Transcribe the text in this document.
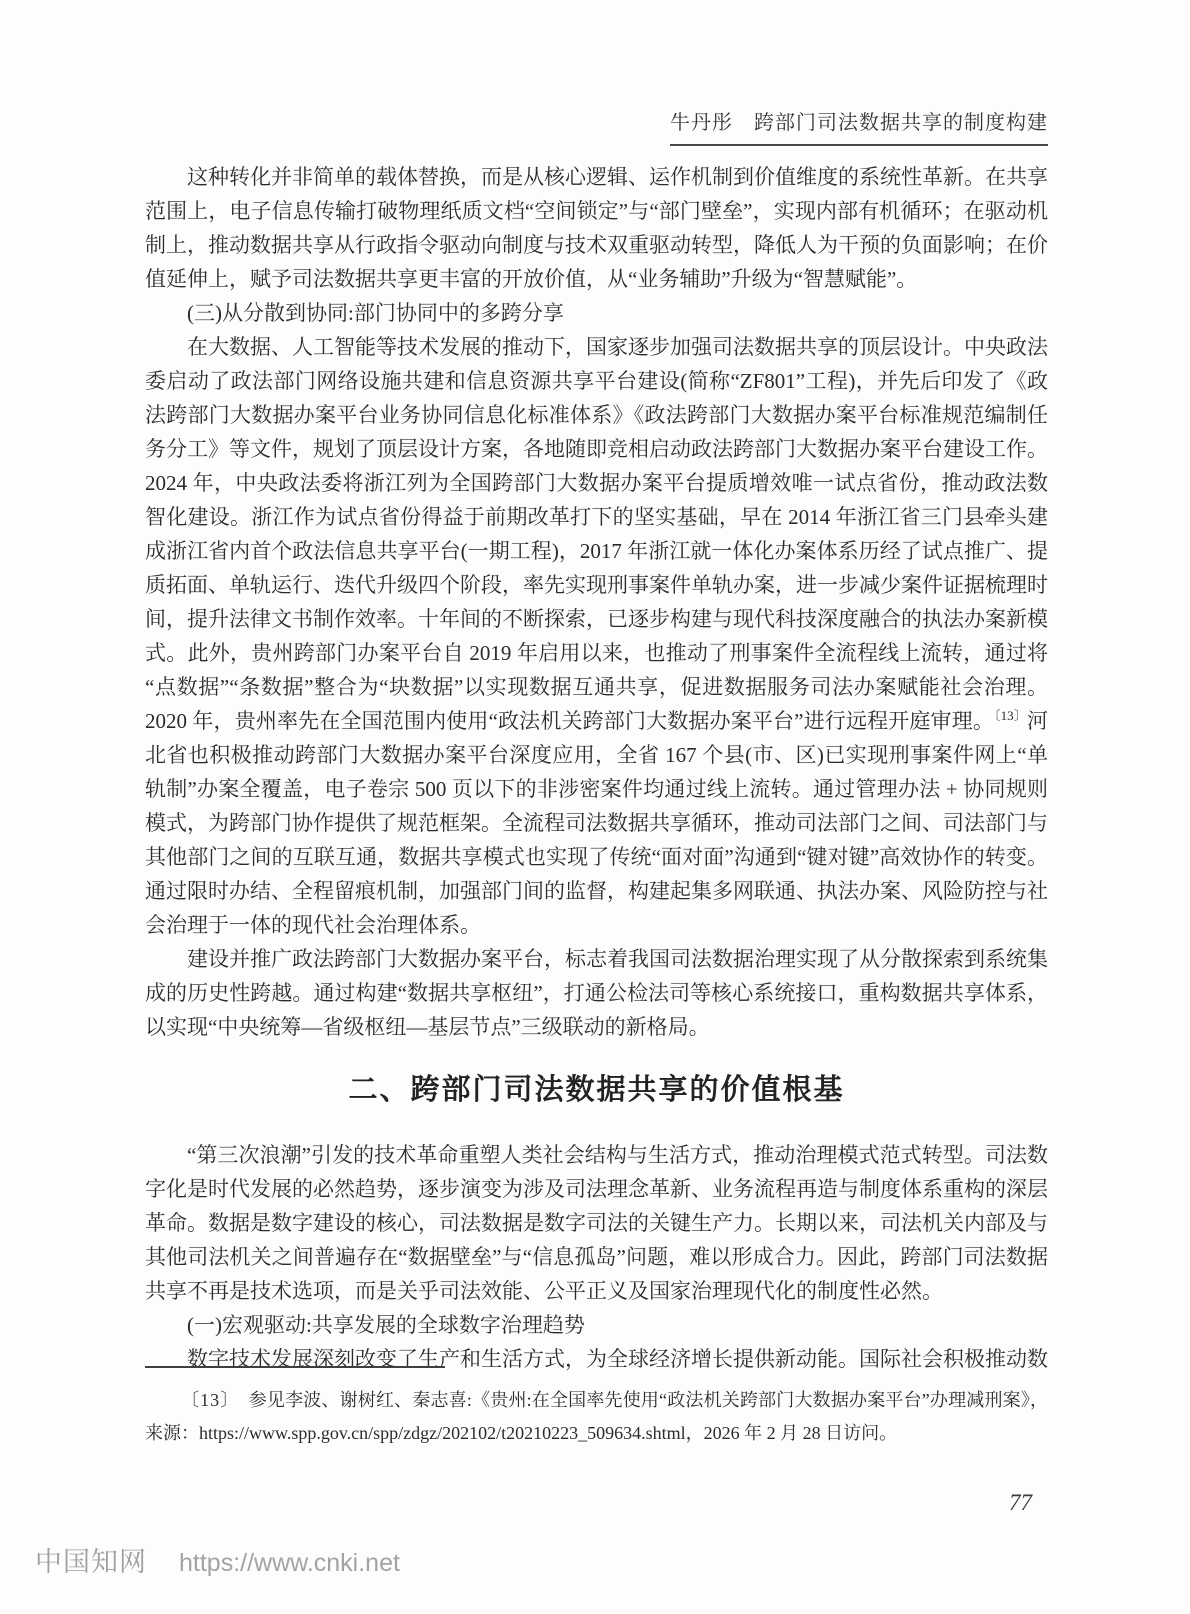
牛丹彤　跨部门司法数据共享的制度构建

这种转化并非简单的载体替换，而是从核心逻辑、运作机制到价值维度的系统性革新。在共享范围上，电子信息传输打破物理纸质文档“空间锁定”与“部门壁垒”，实现内部有机循环；在驱动机制上，推动数据共享从行政指令驱动向制度与技术双重驱动转型，降低人为干预的负面影响；在价值延伸上，赋予司法数据共享更丰富的开放价值，从“业务辅助”升级为“智慧赋能”。

(三)从分散到协同:部门协同中的多跨分享

在大数据、人工智能等技术发展的推动下，国家逐步加强司法数据共享的顶层设计。中央政法委启动了政法部门网络设施共建和信息资源共享平台建设(简称“ZF801”工程)，并先后印发了《政法跨部门大数据办案平台业务协同信息化标准体系》《政法跨部门大数据办案平台标准规范编制任务分工》等文件，规划了顶层设计方案，各地随即竞相启动政法跨部门大数据办案平台建设工作。2024 年，中央政法委将浙江列为全国跨部门大数据办案平台提质增效唯一试点省份，推动政法数智化建设。浙江作为试点省份得益于前期改革打下的坚实基础，早在 2014 年浙江省三门县牵头建成浙江省内首个政法信息共享平台(一期工程)，2017 年浙江就一体化办案体系历经了试点推广、提质拓面、单轨运行、迭代升级四个阶段，率先实现刑事案件单轨办案，进一步减少案件证据梳理时间，提升法律文书制作效率。十年间的不断探索，已逐步构建与现代科技深度融合的执法办案新模式。此外，贵州跨部门办案平台自 2019 年启用以来，也推动了刑事案件全流程线上流转，通过将“点数据”“条数据”整合为“块数据”以实现数据互通共享，促进数据服务司法办案赋能社会治理。2020 年，贵州率先在全国范围内使用“政法机关跨部门大数据办案平台”进行远程开庭审理。$^{〔13〕}$河北省也积极推动跨部门大数据办案平台深度应用，全省 167 个县(市、区)已实现刑事案件网上“单轨制”办案全覆盖，电子卷宗 500 页以下的非涉密案件均通过线上流转。通过管理办法 + 协同规则模式，为跨部门协作提供了规范框架。全流程司法数据共享循环，推动司法部门之间、司法部门与其他部门之间的互联互通，数据共享模式也实现了传统“面对面”沟通到“键对键”高效协作的转变。通过限时办结、全程留痕机制，加强部门间的监督，构建起集多网联通、执法办案、风险防控与社会治理于一体的现代社会治理体系。

建设并推广政法跨部门大数据办案平台，标志着我国司法数据治理实现了从分散探索到系统集成的历史性跨越。通过构建“数据共享枢纽”，打通公检法司等核心系统接口，重构数据共享体系，以实现“中央统筹—省级枢纽—基层节点”三级联动的新格局。

二、跨部门司法数据共享的价值根基

“第三次浪潮”引发的技术革命重塑人类社会结构与生活方式，推动治理模式范式转型。司法数字化是时代发展的必然趋势，逐步演变为涉及司法理念革新、业务流程再造与制度体系重构的深层革命。数据是数字建设的核心，司法数据是数字司法的关键生产力。长期以来，司法机关内部及与其他司法机关之间普遍存在“数据壁垒”与“信息孤岛”问题，难以形成合力。因此，跨部门司法数据共享不再是技术选项，而是关乎司法效能、公平正义及国家治理现代化的制度性必然。

(一)宏观驱动:共享发展的全球数字治理趋势

数字技术发展深刻改变了生产和生活方式，为全球经济增长提供新动能。国际社会积极推动数

〔13〕　 参见李波、谢树红、秦志喜:《贵州:在全国率先使用“政法机关跨部门大数据办案平台”办理减刑案》，来源：https://www.spp.gov.cn/spp/zdgz/202102/t20210223_509634.shtml，2026 年 2 月 28 日访问。

77
中国知网 https://www.cnki.net
